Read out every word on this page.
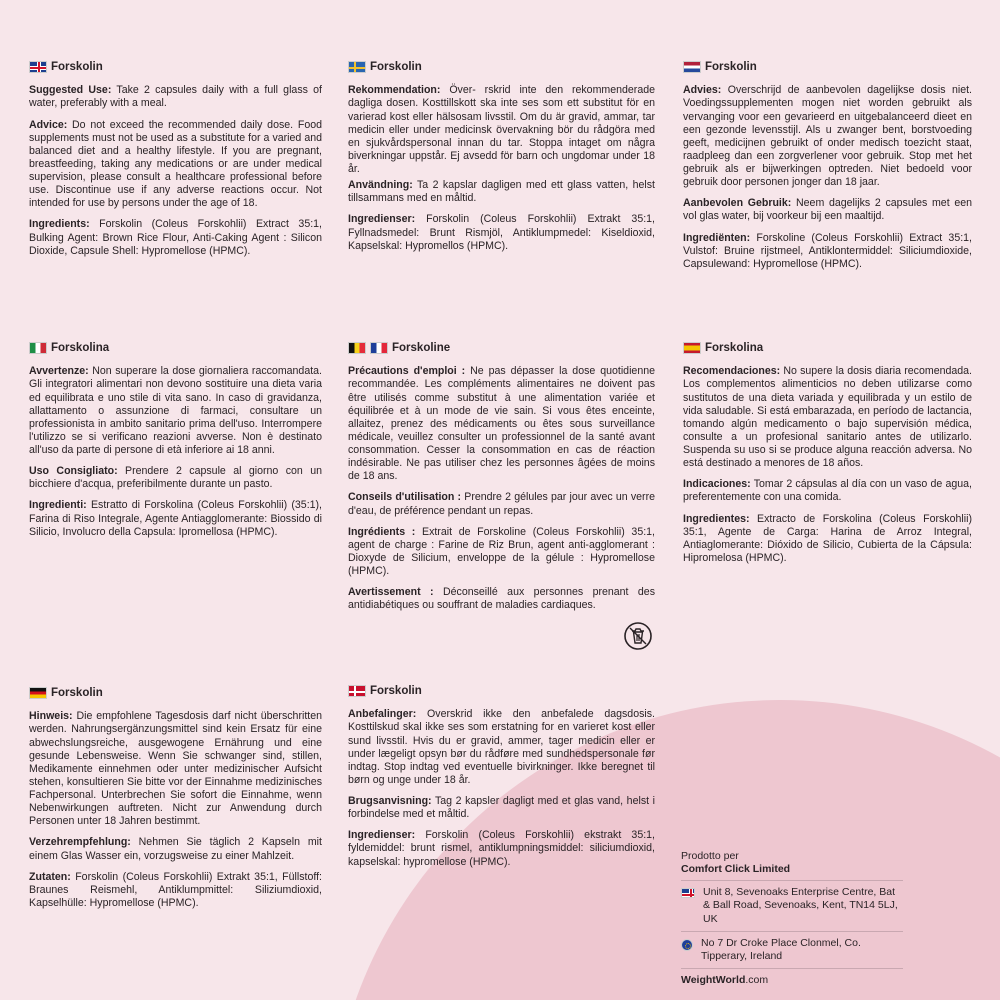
Forskolin

Suggested Use: Take 2 capsules daily with a full glass of water, preferably with a meal.

Advice: Do not exceed the recommended daily dose. Food supplements must not be used as a substitute for a varied and balanced diet and a healthy lifestyle. If you are pregnant, breastfeeding, taking any medications or are under medical supervision, please consult a healthcare professional before use. Discontinue use if any adverse reactions occur. Not intended for use by persons under the age of 18.

Ingredients: Forskolin (Coleus Forskohlii) Extract 35:1, Bulking Agent: Brown Rice Flour, Anti-Caking Agent : Silicon Dioxide, Capsule Shell: Hypromellose (HPMC).

Forskolin

Rekommendation: Över- rskrid inte den rekommenderade dagliga dosen. Kosttillskott ska inte ses som ett substitut för en varierad kost eller hälsosam livsstil. Om du är gravid, ammar, tar medicin eller under medicinsk övervakning bör du rådgöra med en sjukvårdspersonal innan du tar. Stoppa intaget om några biverkningar uppstår. Ej avsedd för barn och ungdomar under 18 år.

Användning: Ta 2 kapslar dagligen med ett glass vatten, helst tillsammans med en måltid.

Ingredienser: Forskolin (Coleus Forskohlii) Extrakt 35:1, Fyllnadsmedel: Brunt Rismjöl, Antiklumpmedel: Kiseldioxid, Kapselskal: Hypromellos (HPMC).

Forskolin

Advies: Overschrijd de aanbevolen dagelijkse dosis niet. Voedingssupplementen mogen niet worden gebruikt als vervanging voor een gevarieerd en uitgebalanceerd dieet en een gezonde levensstijl. Als u zwanger bent, borstvoeding geeft, medicijnen gebruikt of onder medisch toezicht staat, raadpleeg dan een zorgverlener voor gebruik. Stop met het gebruik als er bijwerkingen optreden. Niet bedoeld voor gebruik door personen jonger dan 18 jaar.

Aanbevolen Gebruik: Neem dagelijks 2 capsules met een vol glas water, bij voorkeur bij een maaltijd.

Ingrediënten: Forskoline (Coleus Forskohlii) Extract 35:1, Vulstof: Bruine rijstmeel, Antiklontermiddel: Siliciumdioxide, Capsulewand: Hypromellose (HPMC).

Forskolina

Avvertenze: Non superare la dose giornaliera raccomandata. Gli integratori alimentari non devono sostituire una dieta varia ed equilibrata e uno stile di vita sano. In caso di gravidanza, allattamento o assunzione di farmaci, consultare un professionista in ambito sanitario prima dell'uso. Interrompere l'utilizzo se si verificano reazioni avverse. Non è destinato all'uso da parte di persone di età inferiore ai 18 anni.

Uso Consigliato: Prendere 2 capsule al giorno con un bicchiere d'acqua, preferibilmente durante un pasto.

Ingredienti: Estratto di Forskolina (Coleus Forskohlii) (35:1), Farina di Riso Integrale, Agente Antiagglomerante: Biossido di Silicio, Involucro della Capsula: Ipromellosa (HPMC).

Forskoline

Précautions d'emploi : Ne pas dépasser la dose quotidienne recommandée. Les compléments alimentaires ne doivent pas être utilisés comme substitut à une alimentation variée et équilibrée et à un mode de vie sain. Si vous êtes enceinte, allaitez, prenez des médicaments ou êtes sous surveillance médicale, veuillez consulter un professionnel de la santé avant consommation. Cesser la consommation en cas de réaction indésirable. Ne pas utiliser chez les personnes âgées de moins de 18 ans.

Conseils d'utilisation : Prendre 2 gélules par jour avec un verre d'eau, de préférence pendant un repas.

Ingrédients : Extrait de Forskoline (Coleus Forskohlii) 35:1, agent de charge : Farine de Riz Brun, agent anti-agglomerant : Dioxyde de Silicium, enveloppe de la gélule : Hypromellose (HPMC).

Avertissement : Déconseillé aux personnes prenant des antidiabétiques ou souffrant de maladies cardiaques.

Forskolina

Recomendaciones: No supere la dosis diaria recomendada. Los complementos alimenticios no deben utilizarse como sustitutos de una dieta variada y equilibrada y un estilo de vida saludable. Si está embarazada, en período de lactancia, tomando algún medicamento o bajo supervisión médica, consulte a un profesional sanitario antes de utilizarlo. Suspenda su uso si se produce alguna reacción adversa. No está destinado a menores de 18 años.

Indicaciones: Tomar 2 cápsulas al día con un vaso de agua, preferentemente con una comida.

Ingredientes: Extracto de Forskolina (Coleus Forskohlii) 35:1, Agente de Carga: Harina de Arroz Integral, Antiaglomerante: Dióxido de Silicio, Cubierta de la Cápsula: Hipromelosa (HPMC).

Forskolin

Hinweis: Die empfohlene Tagesdosis darf nicht überschritten werden. Nahrungsergänzungsmittel sind kein Ersatz für eine abwechslungsreiche, ausgewogene Ernährung und eine gesunde Lebensweise. Wenn Sie schwanger sind, stillen, Medikamente einnehmen oder unter medizinischer Aufsicht stehen, konsultieren Sie bitte vor der Einnahme medizinisches Fachpersonal. Unterbrechen Sie sofort die Einnahme, wenn Nebenwirkungen auftreten. Nicht zur Anwendung durch Personen unter 18 Jahren bestimmt.

Verzehrempfehlung: Nehmen Sie täglich 2 Kapseln mit einem Glas Wasser ein, vorzugsweise zu einer Mahlzeit.

Zutaten: Forskolin (Coleus Forskohlii) Extrakt 35:1, Füllstoff: Braunes Reismehl, Antiklumpmittel: Siliziumdioxid, Kapselhülle: Hypromellose (HPMC).

Forskolin

Anbefalinger: Overskrid ikke den anbefalede dagsdosis. Kosttilskud skal ikke ses som erstatning for en varieret kost eller sund livsstil. Hvis du er gravid, ammer, tager medicin eller er under lægeligt opsyn bør du rådføre med sundhedspersonale før indtag. Stop indtag ved eventuelle bivirkninger. Ikke beregnet til børn og unge under 18 år.

Brugsanvisning: Tag 2 kapsler dagligt med et glas vand, helst i forbindelse med et måltid.

Ingredienser: Forskolin (Coleus Forskohlii) ekstrakt 35:1, fyldemiddel: brunt rismel, antiklumpningsmiddel: siliciumdioxid, kapselskal: hypromellose (HPMC).	Prodotto per
Comfort Click Limited
Unit 8, Sevenoaks Enterprise Centre, Bat & Ball Road, Sevenoaks, Kent, TN14 5LJ, UK
No 7 Dr Croke Place Clonmel, Co. Tipperary, Ireland
WeightWorld.com
